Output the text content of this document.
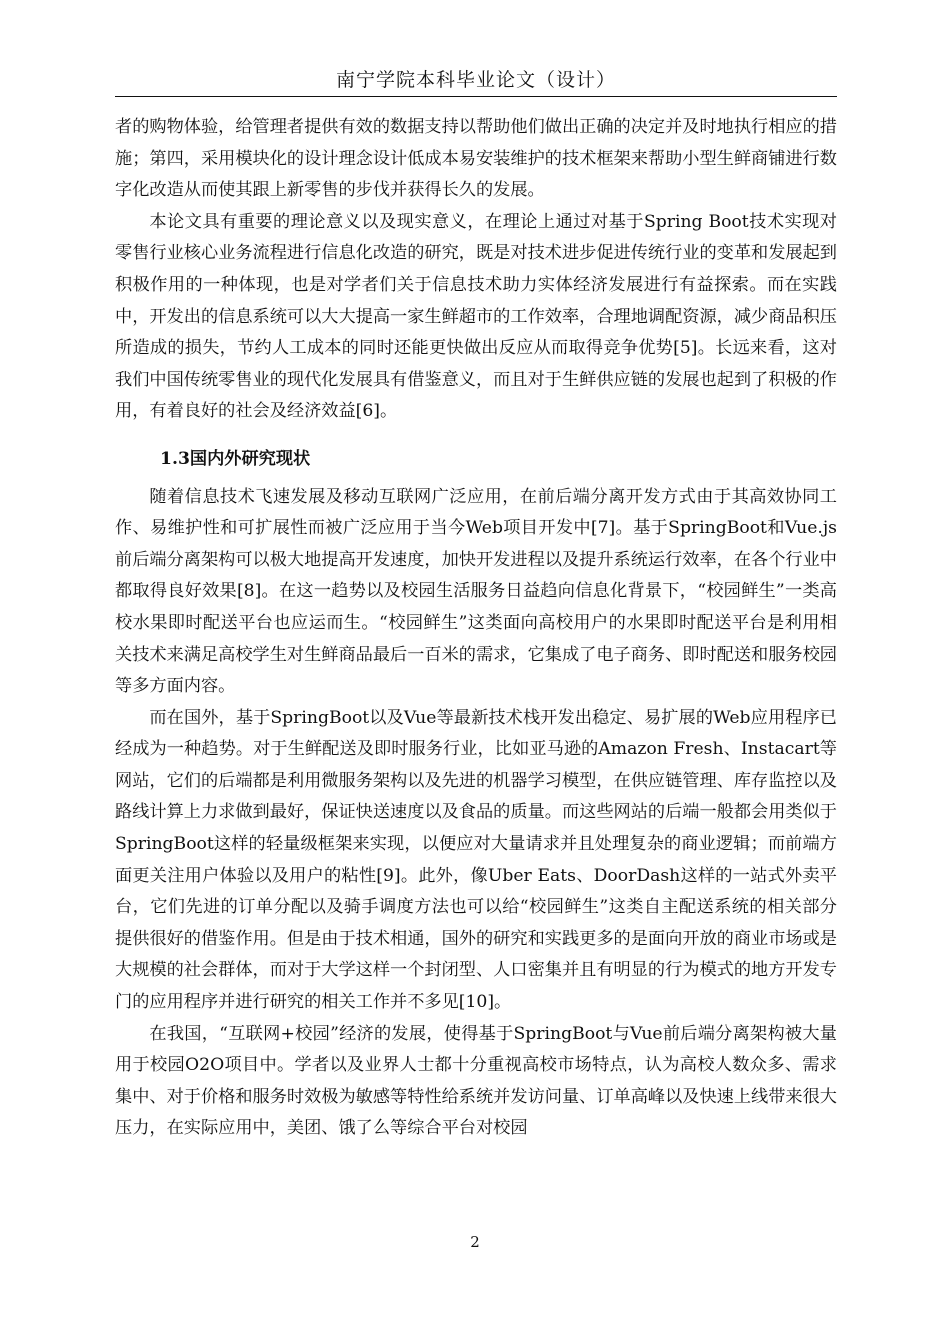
南宁学院本科毕业论文（设计）

者的购物体验，给管理者提供有效的数据支持以帮助他们做出正确的决定并及时地执行相应的措施；第四，采用模块化的设计理念设计低成本易安装维护的技术框架来帮助小型生鲜商铺进行数字化改造从而使其跟上新零售的步伐并获得长久的发展。

本论文具有重要的理论意义以及现实意义，在理论上通过对基于Spring Boot技术实现对零售行业核心业务流程进行信息化改造的研究，既是对技术进步促进传统行业的变革和发展起到积极作用的一种体现，也是对学者们关于信息技术助力实体经济发展进行有益探索。而在实践中，开发出的信息系统可以大大提高一家生鲜超市的工作效率，合理地调配资源，减少商品积压所造成的损失，节约人工成本的同时还能更快做出反应从而取得竞争优势[5]。长远来看，这对我们中国传统零售业的现代化发展具有借鉴意义，而且对于生鲜供应链的发展也起到了积极的作用，有着良好的社会及经济效益[6]。

1.3国内外研究现状

随着信息技术飞速发展及移动互联网广泛应用，在前后端分离开发方式由于其高效协同工作、易维护性和可扩展性而被广泛应用于当今Web项目开发中[7]。基于SpringBoot和Vue.js前后端分离架构可以极大地提高开发速度，加快开发进程以及提升系统运行效率，在各个行业中都取得良好效果[8]。在这一趋势以及校园生活服务日益趋向信息化背景下，“校园鲜生”一类高校水果即时配送平台也应运而生。“校园鲜生”这类面向高校用户的水果即时配送平台是利用相关技术来满足高校学生对生鲜商品最后一百米的需求，它集成了电子商务、即时配送和服务校园等多方面内容。

而在国外，基于SpringBoot以及Vue等最新技术栈开发出稳定、易扩展的Web应用程序已经成为一种趋势。对于生鲜配送及即时服务行业，比如亚马逊的Amazon Fresh、Instacart等网站，它们的后端都是利用微服务架构以及先进的机器学习模型，在供应链管理、库存监控以及路线计算上力求做到最好，保证快送速度以及食品的质量。而这些网站的后端一般都会用类似于SpringBoot这样的轻量级框架来实现，以便应对大量请求并且处理复杂的商业逻辑；而前端方面更关注用户体验以及用户的粘性[9]。此外，像Uber Eats、DoorDash这样的一站式外卖平台，它们先进的订单分配以及骑手调度方法也可以给“校园鲜生”这类自主配送系统的相关部分提供很好的借鉴作用。但是由于技术相通，国外的研究和实践更多的是面向开放的商业市场或是大规模的社会群体，而对于大学这样一个封闭型、人口密集并且有明显的行为模式的地方开发专门的应用程序并进行研究的相关工作并不多见[10]。

在我国，“互联网+校园”经济的发展，使得基于SpringBoot与Vue前后端分离架构被大量用于校园O2O项目中。学者以及业界人士都十分重视高校市场特点，认为高校人数众多、需求集中、对于价格和服务时效极为敏感等特性给系统并发访问量、订单高峰以及快速上线带来很大压力，在实际应用中，美团、饿了么等综合平台对校园

2
